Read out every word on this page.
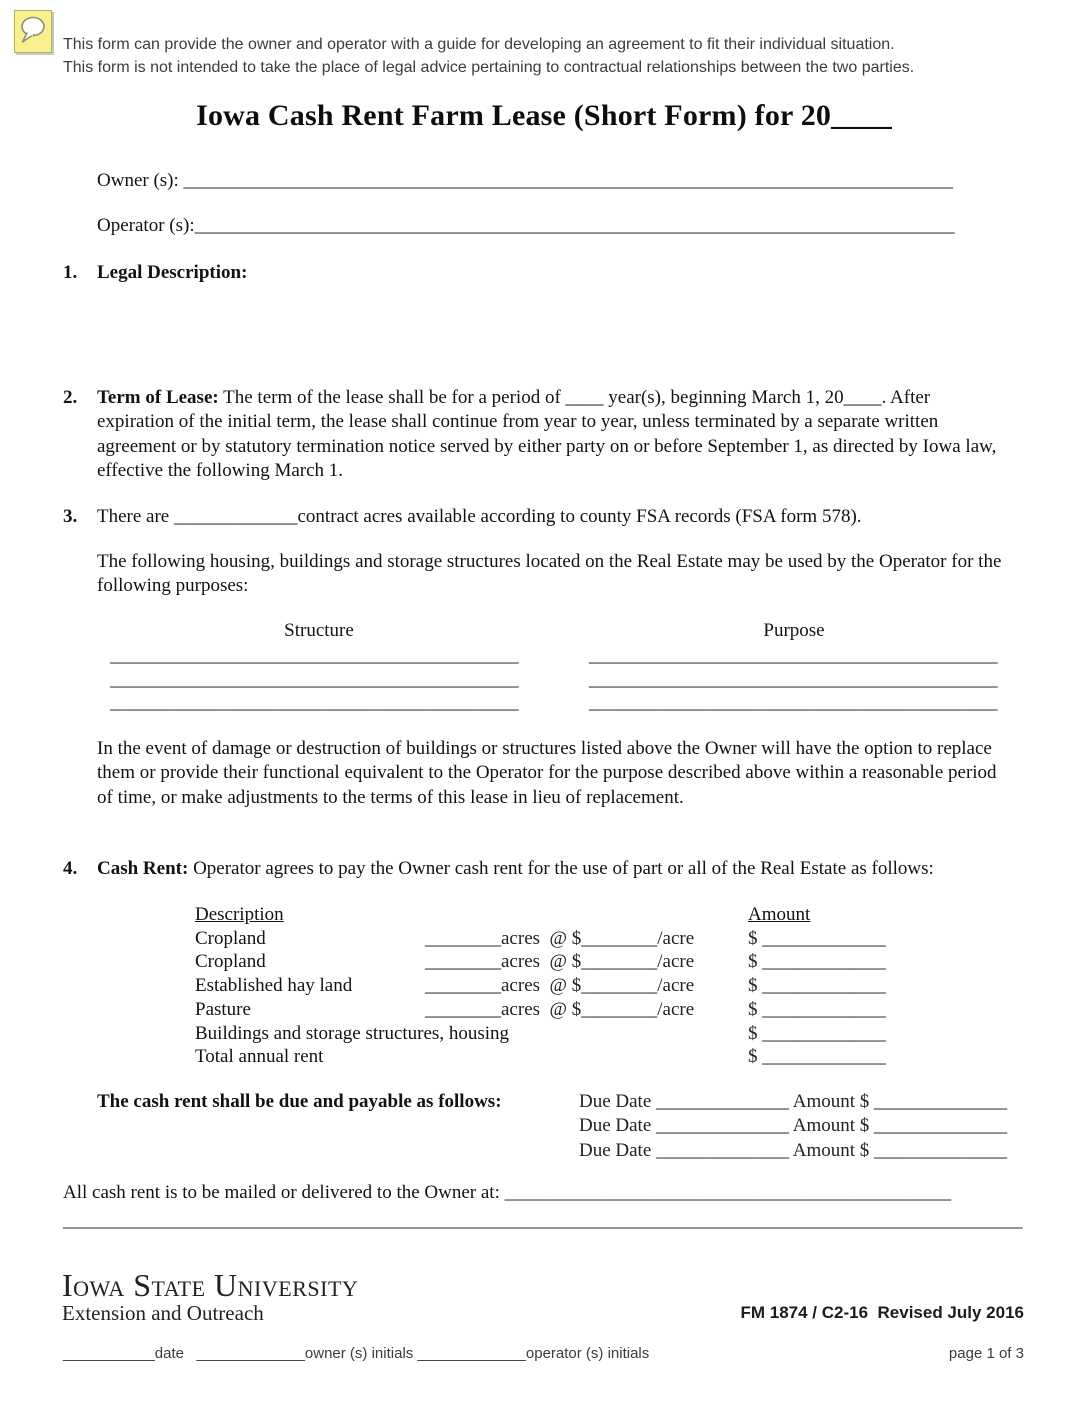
This form can provide the owner and operator with a guide for developing an agreement to fit their individual situation.
This form is not intended to take the place of legal advice pertaining to contractual relationships between the two parties.
Iowa Cash Rent Farm Lease (Short Form) for 20____
Owner (s): _________________________________________________________________________________
Operator (s):________________________________________________________________________________
1.	Legal Description:
2.	Term of Lease: The term of the lease shall be for a period of ____ year(s), beginning March 1, 20____. After expiration of the initial term, the lease shall continue from year to year, unless terminated by a separate written agreement or by statutory termination notice served by either party on or before September 1, as directed by Iowa law, effective the following March 1.
3.	There are _____________contract acres available according to county FSA records (FSA form 578).
The following housing, buildings and storage structures located on the Real Estate may be used by the Operator for the following purposes:
Structure	Purpose
___________________________________________	___________________________________________
___________________________________________	___________________________________________
___________________________________________	___________________________________________
In the event of damage or destruction of buildings or structures listed above the Owner will have the option to replace them or provide their functional equivalent to the Operator for the purpose described above within a reasonable period of time, or make adjustments to the terms of this lease in lieu of replacement.
4.	Cash Rent: Operator agrees to pay the Owner cash rent for the use of part or all of the Real Estate as follows:
Description	Amount
Cropland	________acres  @ $________/acre	$ _____________
Cropland	________acres  @ $________/acre	$ _____________
Established hay land	________acres  @ $________/acre	$ _____________
Pasture	________acres  @ $________/acre	$ _____________
Buildings and storage structures, housing	$ _____________
Total annual rent	$ _____________
The cash rent shall be due and payable as follows:	Due Date ______________ Amount $ ______________
Due Date ______________ Amount $ ______________
Due Date ______________ Amount $ ______________
All cash rent is to be mailed or delivered to the Owner at: _______________________________________________
_____________________________________________________________________________________________________
Iowa State University
Extension and Outreach	FM 1874 / C2-16  Revised July 2016
___________date   _____________owner (s) initials _____________operator (s) initials	page 1 of 3
